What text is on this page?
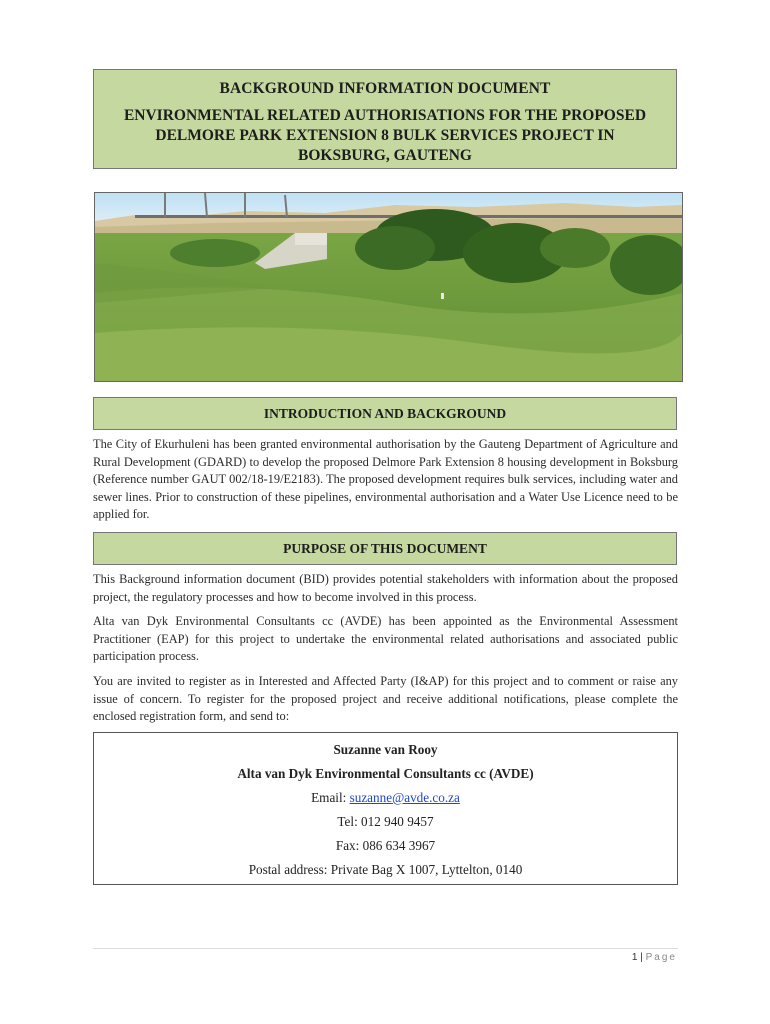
BACKGROUND INFORMATION DOCUMENT

ENVIRONMENTAL RELATED AUTHORISATIONS FOR THE PROPOSED

DELMORE PARK EXTENSION 8 BULK SERVICES PROJECT IN

BOKSBURG, GAUTENG

INTRODUCTION AND BACKGROUND

The City of Ekurhuleni has been granted environmental authorisation by the Gauteng Department of Agriculture and Rural Development (GDARD) to develop the proposed Delmore Park Extension 8 housing development in Boksburg (Reference number GAUT 002/18-19/E2183). The proposed development requires bulk services, including water and sewer lines. Prior to construction of these pipelines, environmental authorisation and a Water Use Licence need to be applied for.

PURPOSE OF THIS DOCUMENT

This Background information document (BID) provides potential stakeholders with information about the proposed project, the regulatory processes and how to become involved in this process.

Alta van Dyk Environmental Consultants cc (AVDE) has been appointed as the Environmental Assessment Practitioner (EAP) for this project to undertake the environmental related authorisations and associated public participation process.

You are invited to register as in Interested and Affected Party (I&AP) for this project and to comment or raise any issue of concern. To register for the proposed project and receive additional notifications, please complete the enclosed registration form, and send to:

Suzanne van Rooy
Alta van Dyk Environmental Consultants cc (AVDE)
Email: suzanne@avde.co.za
Tel: 012 940 9457
Fax: 086 634 3967
Postal address: Private Bag X 1007, Lyttelton, 0140
1 | Page
